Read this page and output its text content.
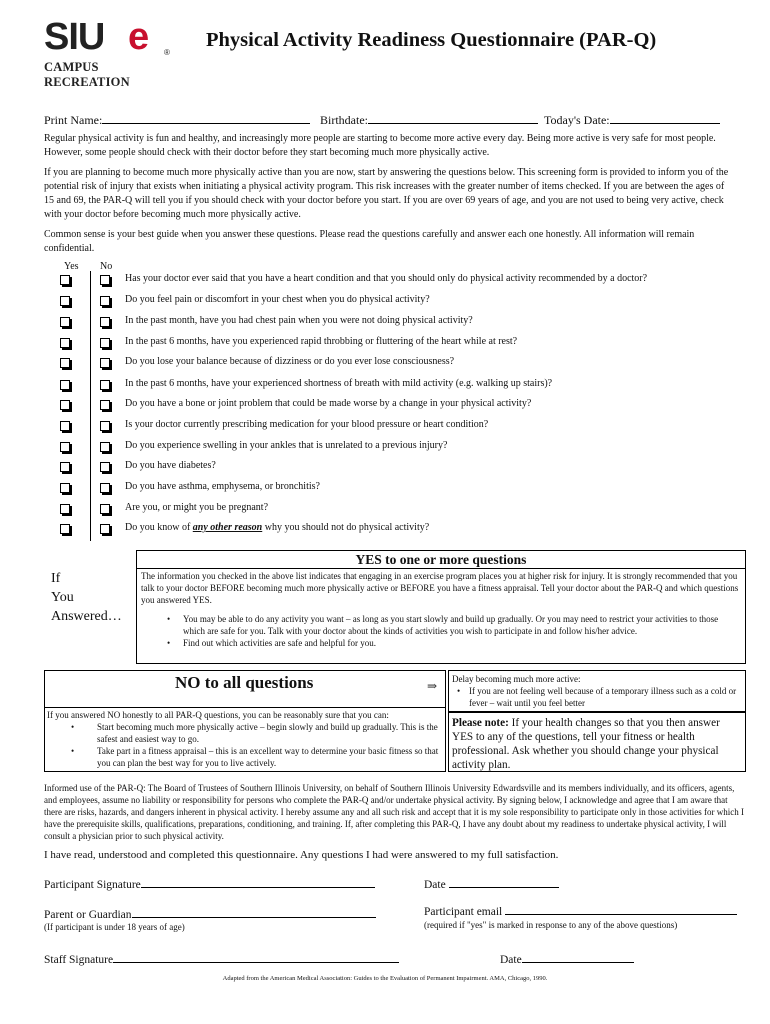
SIU e ®
CAMPUS RECREATION
Physical Activity Readiness Questionnaire (PAR-Q)
Print Name:	Birthdate:	Today's Date:
Regular physical activity is fun and healthy, and increasingly more people are starting to become more active every day. Being more active is very safe for most people. However, some people should check with their doctor before they start becoming much more physically active.
If you are planning to become much more physically active than you are now, start by answering the questions below. This screening form is provided to inform you of the potential risk of injury that exists when initiating a physical activity program. This risk increases with the greater number of items checked. If you are between the ages of 15 and 69, the PAR-Q will tell you if you should check with your doctor before you start. If you are over 69 years of age, and you are not used to being very active, check with your doctor before becoming much more physically active.
Common sense is your best guide when you answer these questions. Please read the questions carefully and answer each one honestly. All information will remain confidential.
Yes No
Has your doctor ever said that you have a heart condition and that you should only do physical activity recommended by a doctor?
Do you feel pain or discomfort in your chest when you do physical activity?
In the past month, have you had chest pain when you were not doing physical activity?
In the past 6 months, have you experienced rapid throbbing or fluttering of the heart while at rest?
Do you lose your balance because of dizziness or do you ever lose consciousness?
In the past 6 months, have your experienced shortness of breath with mild activity (e.g. walking up stairs)?
Do you have a bone or joint problem that could be made worse by a change in your physical activity?
Is your doctor currently prescribing medication for your blood pressure or heart condition?
Do you experience swelling in your ankles that is unrelated to a previous injury?
Do you have diabetes?
Do you have asthma, emphysema, or bronchitis?
Are you, or might you be pregnant?
Do you know of any other reason why you should not do physical activity?
If
You
Answered…
YES to one or more questions
The information you checked in the above list indicates that engaging in an exercise program places you at higher risk for injury. It is strongly recommended that you talk to your doctor BEFORE becoming much more physically active or BEFORE you have a fitness appraisal. Tell your doctor about the PAR-Q and which questions you answered YES.
• You may be able to do any activity you want – as long as you start slowly and build up gradually. Or you may need to restrict your activities to those which are safe for you. Talk with your doctor about the kinds of activities you wish to participate in and follow his/her advice.
• Find out which activities are safe and helpful for you.
NO to all questions	⇒
If you answered NO honestly to all PAR-Q questions, you can be reasonably sure that you can:
• Start becoming much more physically active – begin slowly and build up gradually. This is the safest and easiest way to go.
• Take part in a fitness appraisal – this is an excellent way to determine your basic fitness so that you can plan the best way for you to live actively.
Delay becoming much more active:
• If you are not feeling well because of a temporary illness such as a cold or fever – wait until you feel better
Please note: If your health changes so that you then answer YES to any of the questions, tell your fitness or health professional. Ask whether you should change your physical activity plan.
Informed use of the PAR-Q: The Board of Trustees of Southern Illinois University, on behalf of Southern Illinois University Edwardsville and its members individually, and its officers, agents, and employees, assume no liability or responsibility for persons who complete the PAR-Q and/or undertake physical activity. By signing below, I acknowledge and agree that I am aware that there are risks, hazards, and dangers inherent in physical activity. I hereby assume any and all such risk and accept that it is my sole responsibility to participate only in those activities for which I have the prerequisite skills, qualifications, preparations, conditioning, and training. If, after completing this PAR-Q, I have any doubt about my readiness to undertake physical activity, I will consult a physician prior to such physical activity.
I have read, understood and completed this questionnaire. Any questions I had were answered to my full satisfaction.
Participant Signature	Date
Parent or Guardian
(If participant is under 18 years of age)
Participant email
(required if "yes" is marked in response to any of the above questions)
Staff Signature	Date
Adapted from the American Medical Association: Guides to the Evaluation of Permanent Impairment. AMA, Chicago, 1990.
